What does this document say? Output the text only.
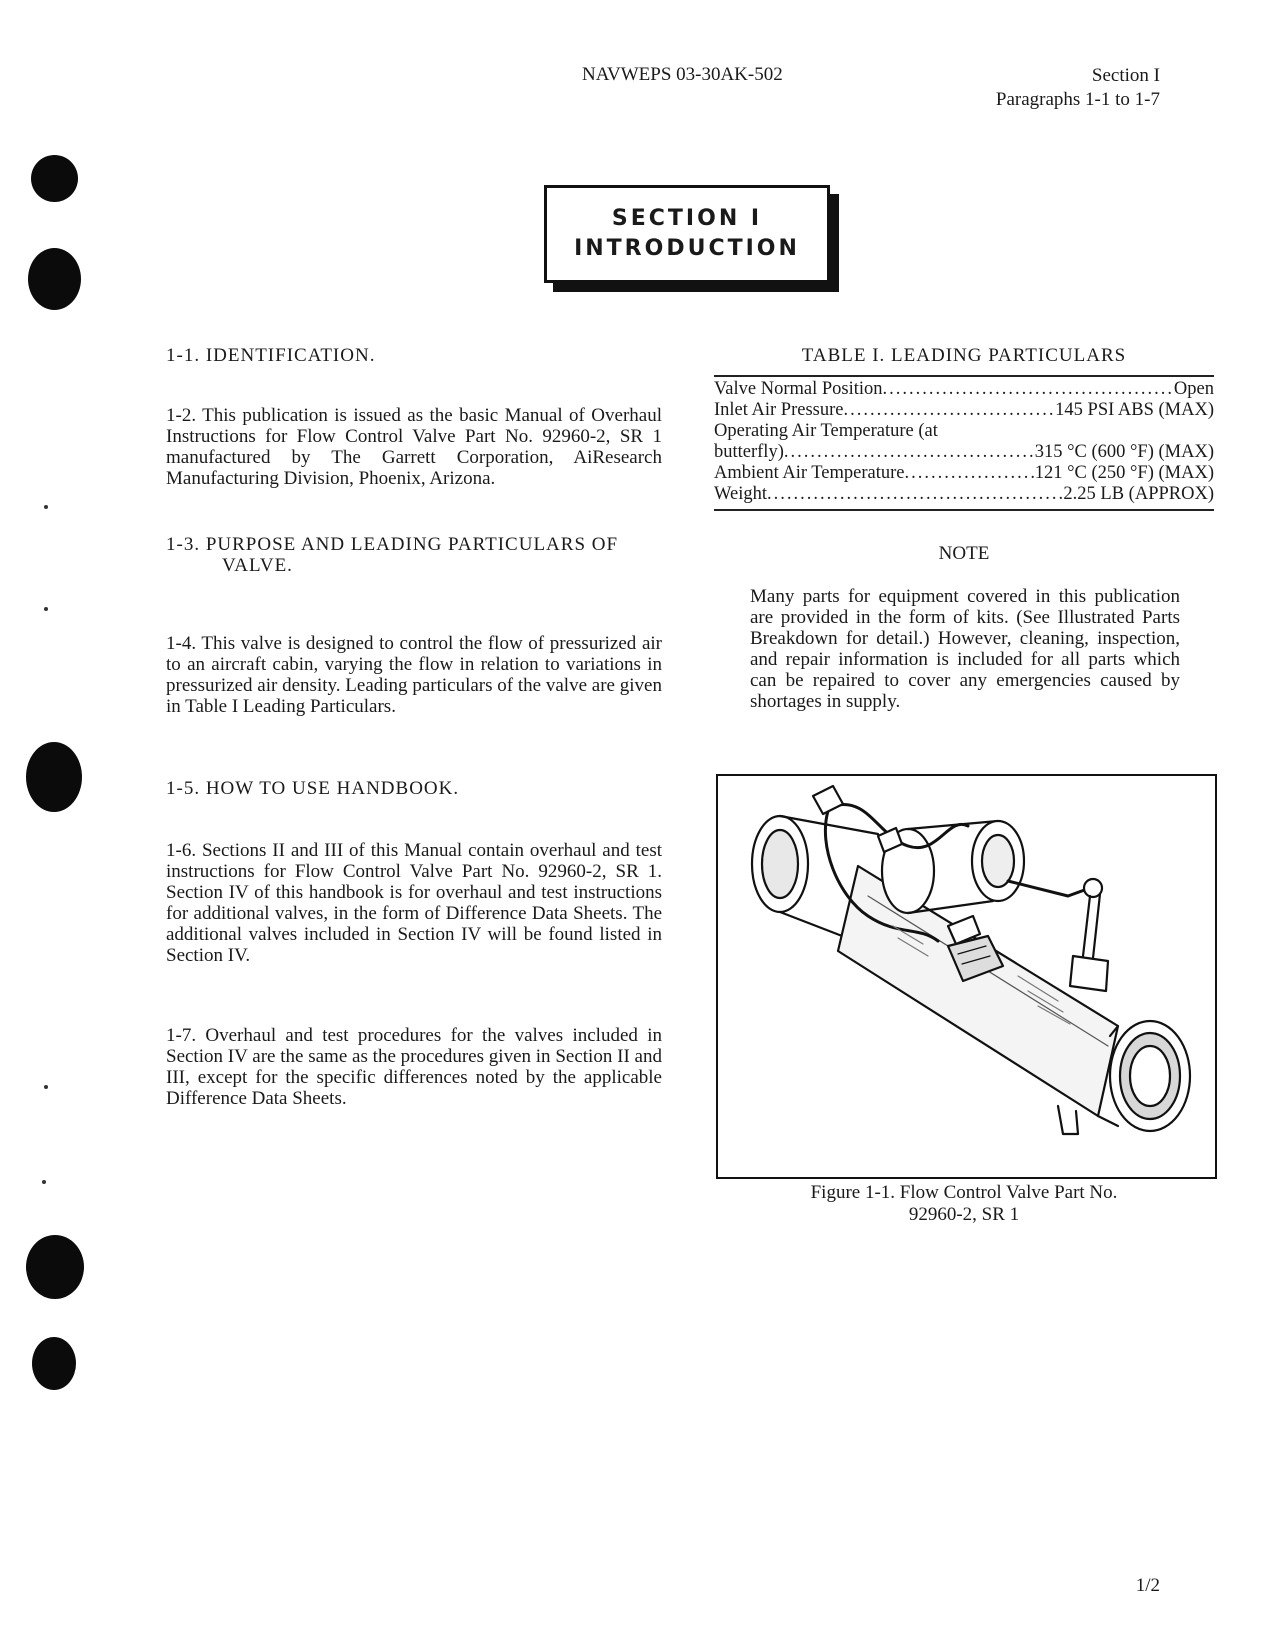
NAVWEPS 03-30AK-502	Section I
Paragraphs 1-1 to 1-7
SECTION I
INTRODUCTION

1-1. IDENTIFICATION.

1-2. This publication is issued as the basic Manual of Overhaul Instructions for Flow Control Valve Part No. 92960-2, SR 1 manufactured by The Garrett Corporation, AiResearch Manufacturing Division, Phoenix, Arizona.

1-3. PURPOSE AND LEADING PARTICULARS OF
VALVE.

1-4. This valve is designed to control the flow of pressurized air to an aircraft cabin, varying the flow in relation to variations in pressurized air density. Leading particulars of the valve are given in Table I Leading Particulars.

1-5. HOW TO USE HANDBOOK.

1-6. Sections II and III of this Manual contain overhaul and test instructions for Flow Control Valve Part No. 92960-2, SR 1. Section IV of this handbook is for overhaul and test instructions for additional valves, in the form of Difference Data Sheets. The additional valves included in Section IV will be found listed in Section IV.

1-7. Overhaul and test procedures for the valves included in Section IV are the same as the procedures given in Section II and III, except for the specific differences noted by the applicable Difference Data Sheets.

TABLE I. LEADING PARTICULARS
Valve Normal Position .....	Open
Inlet Air Pressure .....	145 PSI ABS (MAX)
Operating Air Temperature (at
butterfly) .....	315 °C (600 °F) (MAX)
Ambient Air Temperature .....	121 °C (250 °F) (MAX)
Weight .....	2.25 LB (APPROX)
NOTE

Many parts for equipment covered in this publication are provided in the form of kits. (See Illustrated Parts Breakdown for detail.) However, cleaning, inspection, and repair information is included for all parts which can be repaired to cover any emergencies caused by shortages in supply.

Figure 1-1. Flow Control Valve Part No.
92960-2, SR 1
1/2
